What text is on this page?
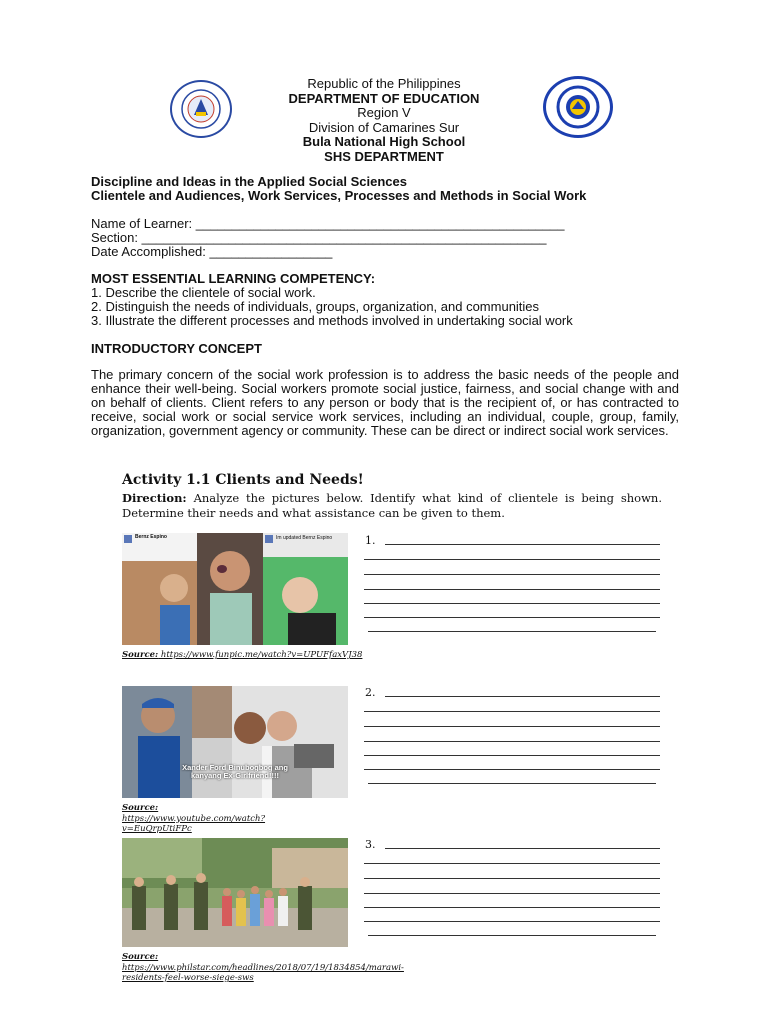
Republic of the Philippines
DEPARTMENT OF EDUCATION
Region V
Division of Camarines Sur
Bula National High School
SHS DEPARTMENT
Discipline and Ideas in the Applied Social Sciences
Clientele and Audiences, Work Services, Processes and Methods in Social Work
Name of Learner: ___________________________________________________
Section: ________________________________________________________
Date Accomplished: _________________
MOST ESSENTIAL LEARNING COMPETENCY:
1. Describe the clientele of social work.
2. Distinguish the needs of individuals, groups, organization, and communities
3. Illustrate the different processes and methods involved in undertaking social work
INTRODUCTORY CONCEPT
The primary concern of the social work profession is to address the basic needs of the people and enhance their well-being. Social workers promote social justice, fairness, and social change with and on behalf of clients. Client refers to any person or body that is the recipient of, or has contracted to receive, social work or social service work services, including an individual, couple, group, family, organization, government agency or community. These can be direct or indirect social work services.
Activity 1.1 Clients and Needs!
Direction: Analyze the pictures below. Identify what kind of clientele is being shown. Determine their needs and what assistance can be given to them.
Bernz Espino	Im updated Bernz Espino
Source: https://www.funpic.me/watch?v=UPUFfaxVJ38
Xander Ford Binubogbog ang kanyang Ex-Girlfriend!!!!
Source: https://www.youtube.com/watch?v=EuQrpUtiFPc
Source: https://www.philstar.com/headlines/2018/07/19/1834854/marawi-residents-feel-worse-siege-sws
1.
2.
3.
